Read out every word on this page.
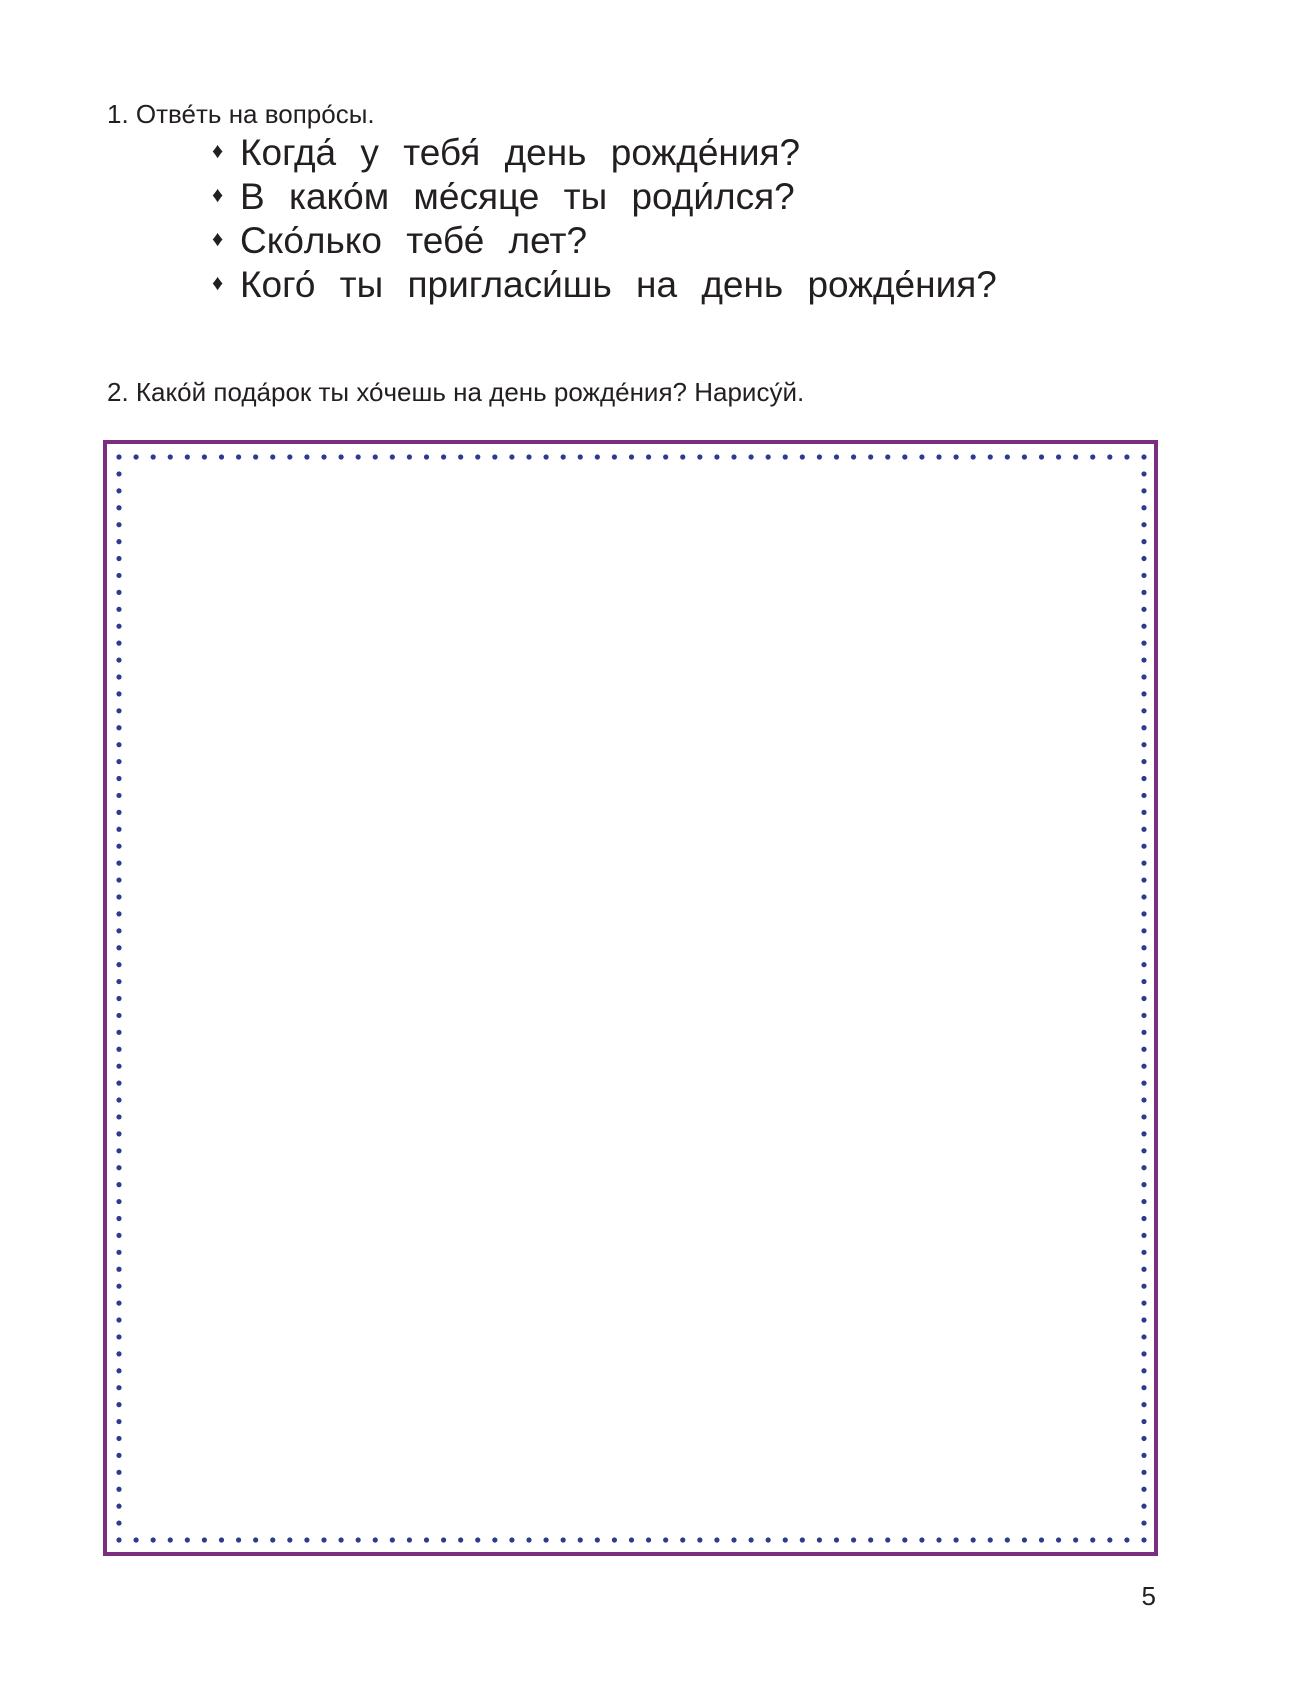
1. Отве́ть на вопро́сы.
♦ Когда́ у тебя́ день рожде́ния?
♦ В како́м ме́сяце ты роди́лся?
♦ Ско́лько тебе́ лет?
♦ Кого́ ты пригласи́шь на день рожде́ния?
2. Како́й пода́рок ты хо́чешь на день рожде́ния? Нарису́й.
5
